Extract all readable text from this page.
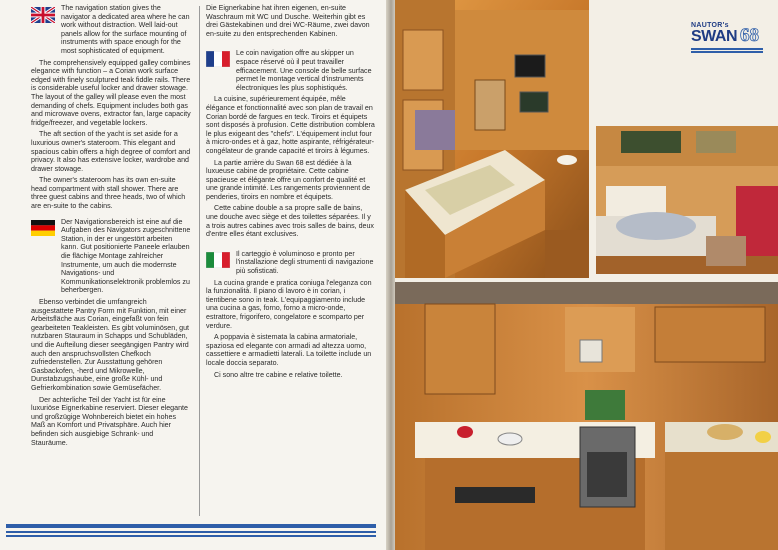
The navigation station gives the navigator a dedicated area where he can work without distraction. Well laid-out panels allow for the surface mounting of instruments with space enough for the most sophisticated of equipment.

The comprehensively equipped galley combines elegance with function – a Corian work surface edged with finely sculptured teak fiddle rails. There is considerable useful locker and drawer stowage. The layout of the galley will please even the most demanding of chefs. Equipment includes both gas and microwave ovens, extractor fan, large capacity fridge/freezer, and vegetable lockers.

The aft section of the yacht is set aside for a luxurious owner's stateroom. This elegant and spacious cabin offers a high degree of comfort and privacy. It also has extensive locker, wardrobe and drawer stowage.

The owner's stateroom has its own en-suite head compartment with stall shower. There are three guest cabins and three heads, two of which are en-suite to the cabins.

Der Navigationsbereich ist eine auf die Aufgaben des Navigators zugeschnittene Station, in der er ungestört arbeiten kann. Gut positionierte Paneele erlauben die flächige Montage zahlreicher Instrumente, um auch die modernste Navigations- und Kommunikationselektronik problemlos zu beherbergen.

Ebenso verbindet die umfangreich ausgestattete Pantry Form mit Funktion, mit einer Arbeitsfläche aus Corian, eingefaßt von fein gearbeiteten Teakleisten. Es gibt voluminösen, gut nutzbaren Stauraum in Schapps und Schubläden, und die Aufteilung dieser seegängigen Pantry wird auch den anspruchsvollsten Chefkoch zufriedenstellen. Zur Ausstattung gehören Gasbackofen, -herd und Mikrowelle, Dunstabzugshaube, eine große Kühl- und Gefrierkombination sowie Gemüsefächer.

Der achterliche Teil der Yacht ist für eine luxuriöse Eignerkabine reserviert. Dieser elegante und großzügige Wohnbereich bietet ein hohes Maß an Komfort und Privatsphäre. Auch hier befinden sich ausgiebige Schrank- und Stauräume.

Die Eignerkabine hat ihren eigenen, en-suite Waschraum mit WC und Dusche. Weiterhin gibt es drei Gästekabinen und drei WC-Räume, zwei davon en-suite zu den entsprechenden Kabinen.

Le coin navigation offre au skipper un espace réservé où il peut travailler efficacement. Une console de belle surface permet le montage vertical d'instruments électroniques les plus sophistiqués.

La cuisine, supérieurement équipée, mêle élégance et fonctionnalité avec son plan de travail en Corian bordé de fargues en teck. Tiroirs et équipets sont disposés à profusion. Cette distribution comblera le plus exigeant des "chefs". L'équipement inclut four à micro-ondes et à gaz, hotte aspirante, réfrigérateur-congélateur de grande capacité et tiroirs à légumes.

La partie arrière du Swan 68 est dédiée à la luxueuse cabine de propriétaire. Cette cabine spacieuse et élégante offre un confort de qualité et une grande intimité. Les rangements proviennent de penderies, tiroirs en nombre et équipets.

Cette cabine double a sa propre salle de bains, une douche avec siège et des toilettes séparées. Il y a trois autres cabines avec trois salles de bains, deux d'entre elles étant exclusives.

Il carteggio è voluminoso e pronto per l'installazione degli strumenti di navigazione più sofisticati.

La cucina grande e pratica coniuga l'eleganza con la funzionalità. Il piano di lavoro è in corian, i tientibene sono in teak. L'equipaggiamento include una cucina a gas, forno, forno a micro-onde, estrattore, frigorifero, congelatore e scomparto per verdure.

A poppavia è sistemata la cabina armatoriale, spaziosa ed elegante con armadi ad altezza uomo, cassettiere e armadietti laterali. La toilette include un locale doccia separato.

Ci sono altre tre cabine e relative toilette.

NAUTOR's
SWAN 68
